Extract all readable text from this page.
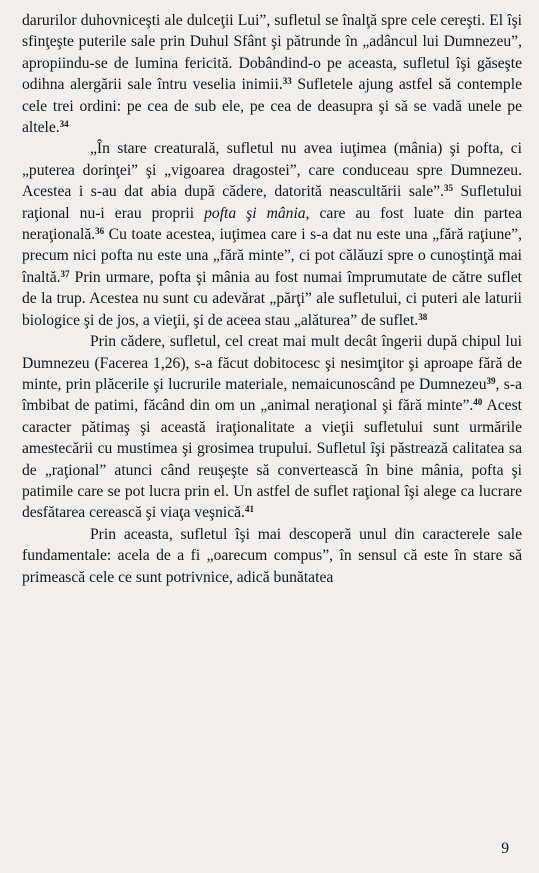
darurilor duhovniceşti ale dulceţii Lui”, sufletul se înalţă spre cele cereşti. El îşi sfinţeşte puterile sale prin Duhul Sfânt şi pătrunde în „adâncul lui Dumnezeu”, apropiindu-se de lumina fericită. Dobândind-o pe aceasta, sufletul îşi găseşte odihna alergării sale întru veselia inimii.$^{33}$ Sufletele ajung astfel să contemple cele trei ordini: pe cea de sub ele, pe cea de deasupra şi să se vadă unele pe altele.$^{34}$

„În stare creaturală, sufletul nu avea iuţimea (mânia) şi pofta, ci „puterea dorinţei” şi „vigoarea dragostei”, care conduceau spre Dumnezeu. Acestea i s-au dat abia după cădere, datorită neascultării sale”.$^{35}$ Sufletului raţional nu-i erau proprii pofta şi mânia, care au fost luate din partea neraţională.$^{36}$ Cu toate acestea, iuţimea care i s-a dat nu este una „fără raţiune”, precum nici pofta nu este una „fără minte”, ci pot călăuzi spre o cunoştinţă mai înaltă.$^{37}$ Prin urmare, pofta şi mânia au fost numai împrumutate de către suflet de la trup. Acestea nu sunt cu adevărat „părţi” ale sufletului, ci puteri ale laturii biologice şi de jos, a vieţii, şi de aceea stau „alăturea” de suflet.$^{38}$

Prin cădere, sufletul, cel creat mai mult decât îngerii după chipul lui Dumnezeu (Facerea 1,26), s-a făcut dobitocesc şi nesimţitor şi aproape fără de minte, prin plăcerile şi lucrurile materiale, nemaicunoscând pe Dumnezeu$^{39}$, s-a îmbibat de patimi, făcând din om un „animal neraţional şi fără minte”.$^{40}$ Acest caracter pătimaş şi această iraţionalitate a vieţii sufletului sunt urmările amestecării cu mustimea şi grosimea trupului. Sufletul îşi păstrează calitatea sa de „raţional” atunci când reuşeşte să convertească în bine mânia, pofta şi patimile care se pot lucra prin el. Un astfel de suflet raţional îşi alege ca lucrare desfătarea cerească şi viaţa veşnică.$^{41}$

Prin aceasta, sufletul îşi mai descoperă unul din caracterele sale fundamentale: acela de a fi „oarecum compus”, în sensul că este în stare să primească cele ce sunt potrivnice, adică bunătatea

9
